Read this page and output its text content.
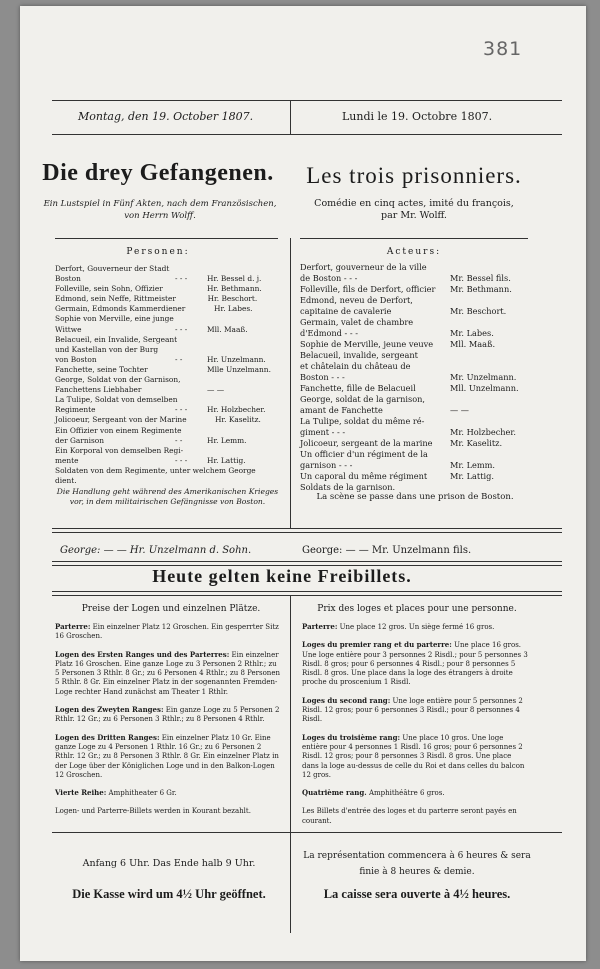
381
Montag, den 19. October 1807.	Lundi le 19. Octobre 1807.
Die drey Gefangenen.	Les trois prisonniers.
Ein Lustspiel in Fünf Akten, nach dem Französischen,
von Herrn Wolff.
Comédie en cinq actes, imité du françois,
par Mr. Wolff.
Personen:	Acteurs:
Derfort, Gouverneur der Stadt
Boston	- - -	Hr. Bessel d. j.
Folleville, sein Sohn, Offizier	Hr. Bethmann.
Edmond, sein Neffe, Rittmeister	Hr. Beschort.
Germain, Edmonds Kammerdiener	Hr. Labes.
Sophie von Merville, eine junge
Wittwe	- - -	Mll. Maaß.
Belacueil, ein Invalide, Sergeant
und Kastellan von der Burg
von Boston	- -	Hr. Unzelmann.
Fanchette, seine Tochter	Mlle Unzelmann.
George, Soldat von der Garnison,
Fanchettens Liebhaber	— —
La Tulipe, Soldat von demselben
Regimente	- - -	Hr. Holzbecher.
Jolicoeur, Sergeant von der Marine	Hr. Kaselitz.
Ein Offizier von einem Regimente
der Garnison	- -	Hr. Lemm.
Ein Korporal von demselben Regi-
mente	- - -	Hr. Lattig.
Soldaten von dem Regimente, unter welchem George
dient.
Die Handlung geht während des Amerikanischen Krieges
vor, in dem militairischen Gefängnisse von Boston.
Derfort, gouverneur de la ville
de Boston - - -	Mr. Bessel fils.
Folleville, fils de Derfort, officier	Mr. Bethmann.
Edmond, neveu de Derfort,
capitaine de cavalerie	Mr. Beschort.
Germain, valet de chambre
d'Edmond - - -	Mr. Labes.
Sophie de Merville, jeune veuve	Mll. Maaß.
Belacueil, invalide, sergeant
et châtelain du château de
Boston - - -	Mr. Unzelmann.
Fanchette, fille de Belacueil	Mll. Unzelmann.
George, soldat de la garnison,
amant de Fanchette	— —
La Tulipe, soldat du même ré-
giment - - -	Mr. Holzbecher.
Jolicoeur, sergeant de la marine	Mr. Kaselitz.
Un officier d'un régiment de la
garnison - - -	Mr. Lemm.
Un caporal du même régiment	Mr. Lattig.
Soldats de la garnison.
La scène se passe dans une prison de Boston.
George: — — Hr. Unzelmann d. Sohn.	George: — — Mr. Unzelmann fils.
Heute gelten keine Freibillets.
Preise der Logen und einzelnen Plätze.	Prix des loges et places pour une personne.

Parterre: Ein einzelner Platz 12 Groschen. Ein gesperrter Sitz 16 Groschen.

Logen des Ersten Ranges und des Parterres: Ein einzelner Platz 16 Groschen. Eine ganze Loge zu 3 Personen 2 Rthlr.; zu 5 Personen 3 Rthlr. 8 Gr.; zu 6 Personen 4 Rthlr.; zu 8 Personen 5 Rthlr. 8 Gr. Ein einzelner Platz in der sogenannten Fremden-Loge rechter Hand zunächst am Theater 1 Rthlr.

Logen des Zweyten Ranges: Ein ganze Loge zu 5 Personen 2 Rthlr. 12 Gr.; zu 6 Personen 3 Rthlr.; zu 8 Personen 4 Rthlr.

Logen des Dritten Ranges: Ein einzelner Platz 10 Gr. Eine ganze Loge zu 4 Personen 1 Rthlr. 16 Gr.; zu 6 Personen 2 Rthlr. 12 Gr.; zu 8 Personen 3 Rthlr. 8 Gr. Ein einzelner Platz in der Loge über der Königlichen Loge und in den Balkon-Logen 12 Groschen.

Vierte Reihe: Amphitheater 6 Gr.

Logen- und Parterre-Billets werden in Kourant bezahlt.

Parterre: Une place 12 gros. Un siège fermé 16 gros.

Loges du premier rang et du parterre: Une place 16 gros. Une loge entière pour 3 personnes 2 Risdl.; pour 5 personnes 3 Risdl. 8 gros; pour 6 personnes 4 Risdl.; pour 8 personnes 5 Risdl. 8 gros. Une place dans la loge des étrangers à droite proche du proscenium 1 Risdl.

Loges du second rang: Une loge entière pour 5 personnes 2 Risdl. 12 gros; pour 6 personnes 3 Risdl.; pour 8 personnes 4 Risdl.

Loges du troisième rang: Une place 10 gros. Une loge entière pour 4 personnes 1 Risdl. 16 gros; pour 6 personnes 2 Risdl. 12 gros; pour 8 personnes 3 Risdl. 8 gros. Une place dans la loge au-dessus de celle du Roi et dans celles du balcon 12 gros.

Quatrième rang. Amphithéâtre 6 gros.

Les Billets d'entrée des loges et du parterre seront payés en courant.

Anfang 6 Uhr. Das Ende halb 9 Uhr.
La représentation commencera à 6 heures & sera
finie à 8 heures & demie.
Die Kasse wird um 4½ Uhr geöffnet.	La caisse sera ouverte à 4½ heures.
